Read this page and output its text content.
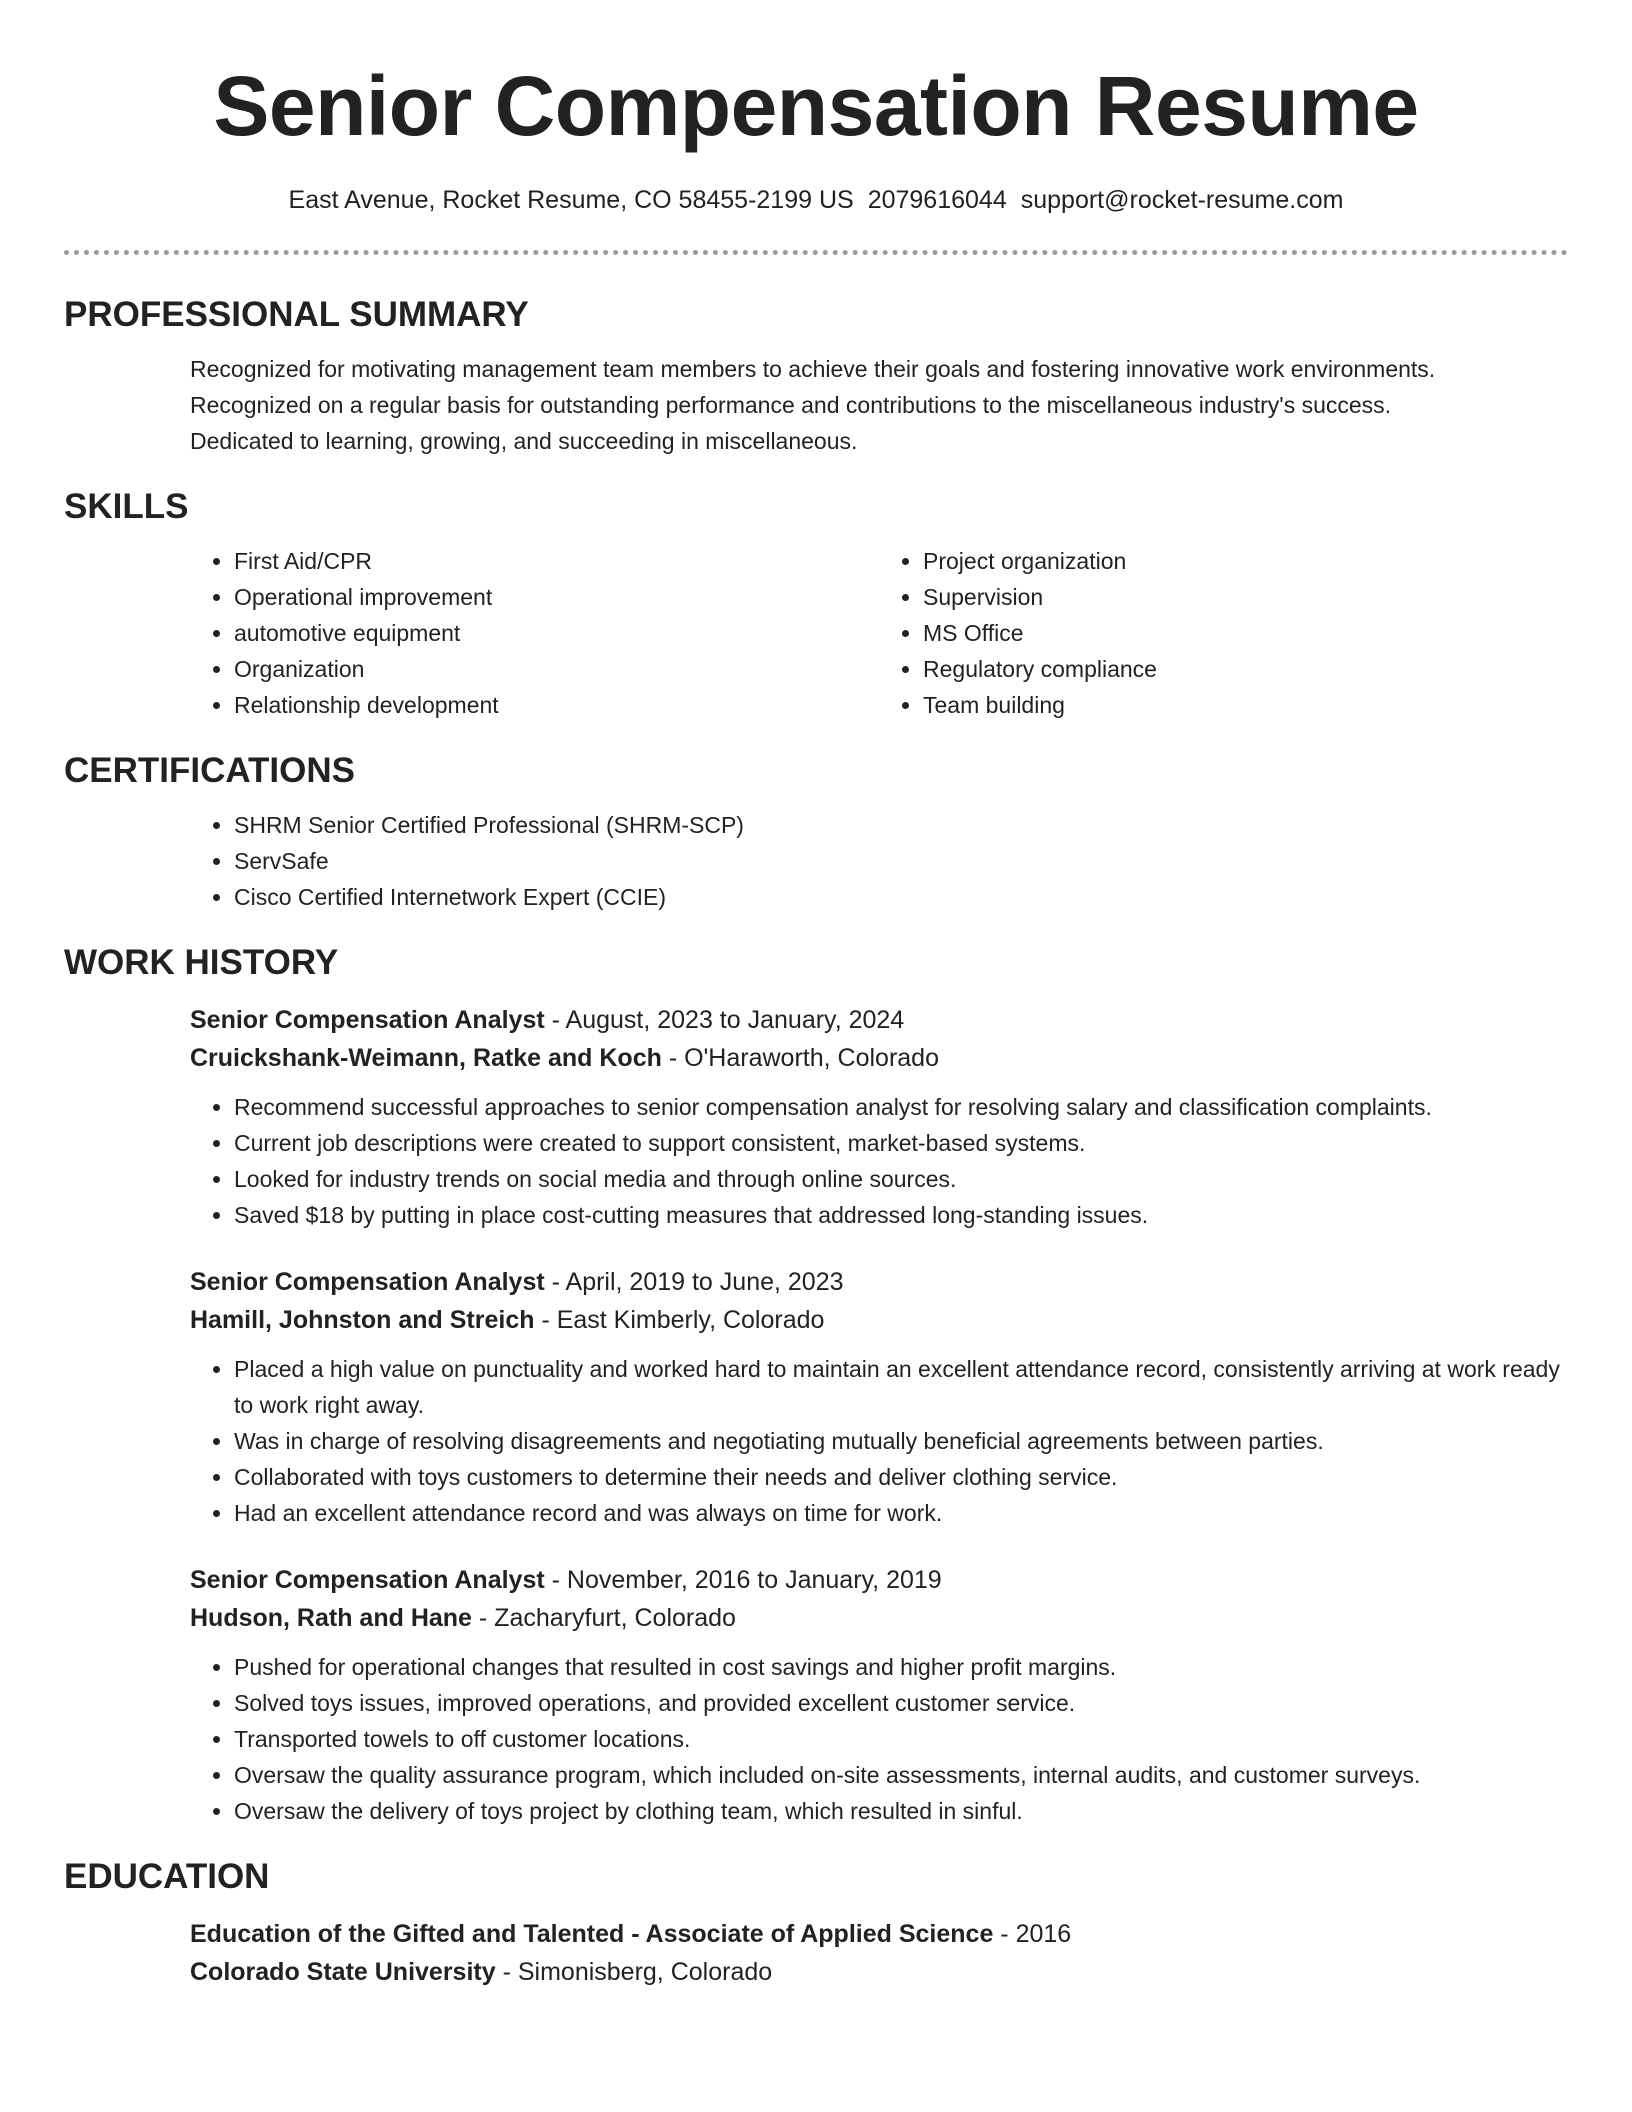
Senior Compensation Resume
East Avenue, Rocket Resume, CO 58455-2199 US 2079616044 support@rocket-resume.com
PROFESSIONAL SUMMARY
Recognized for motivating management team members to achieve their goals and fostering innovative work environments.
Recognized on a regular basis for outstanding performance and contributions to the miscellaneous industry's success.
Dedicated to learning, growing, and succeeding in miscellaneous.
SKILLS
• First Aid/CPR
• Operational improvement
• automotive equipment
• Organization
• Relationship development
• Project organization
• Supervision
• MS Office
• Regulatory compliance
• Team building
CERTIFICATIONS
• SHRM Senior Certified Professional (SHRM-SCP)
• ServSafe
• Cisco Certified Internetwork Expert (CCIE)
WORK HISTORY
Senior Compensation Analyst - August, 2023 to January, 2024
Cruickshank-Weimann, Ratke and Koch - O'Haraworth, Colorado
• Recommend successful approaches to senior compensation analyst for resolving salary and classification complaints.
• Current job descriptions were created to support consistent, market-based systems.
• Looked for industry trends on social media and through online sources.
• Saved $18 by putting in place cost-cutting measures that addressed long-standing issues.
Senior Compensation Analyst - April, 2019 to June, 2023
Hamill, Johnston and Streich - East Kimberly, Colorado
• Placed a high value on punctuality and worked hard to maintain an excellent attendance record, consistently arriving at work ready to work right away.
• Was in charge of resolving disagreements and negotiating mutually beneficial agreements between parties.
• Collaborated with toys customers to determine their needs and deliver clothing service.
• Had an excellent attendance record and was always on time for work.
Senior Compensation Analyst - November, 2016 to January, 2019
Hudson, Rath and Hane - Zacharyfurt, Colorado
• Pushed for operational changes that resulted in cost savings and higher profit margins.
• Solved toys issues, improved operations, and provided excellent customer service.
• Transported towels to off customer locations.
• Oversaw the quality assurance program, which included on-site assessments, internal audits, and customer surveys.
• Oversaw the delivery of toys project by clothing team, which resulted in sinful.
EDUCATION
Education of the Gifted and Talented - Associate of Applied Science - 2016
Colorado State University - Simonisberg, Colorado
